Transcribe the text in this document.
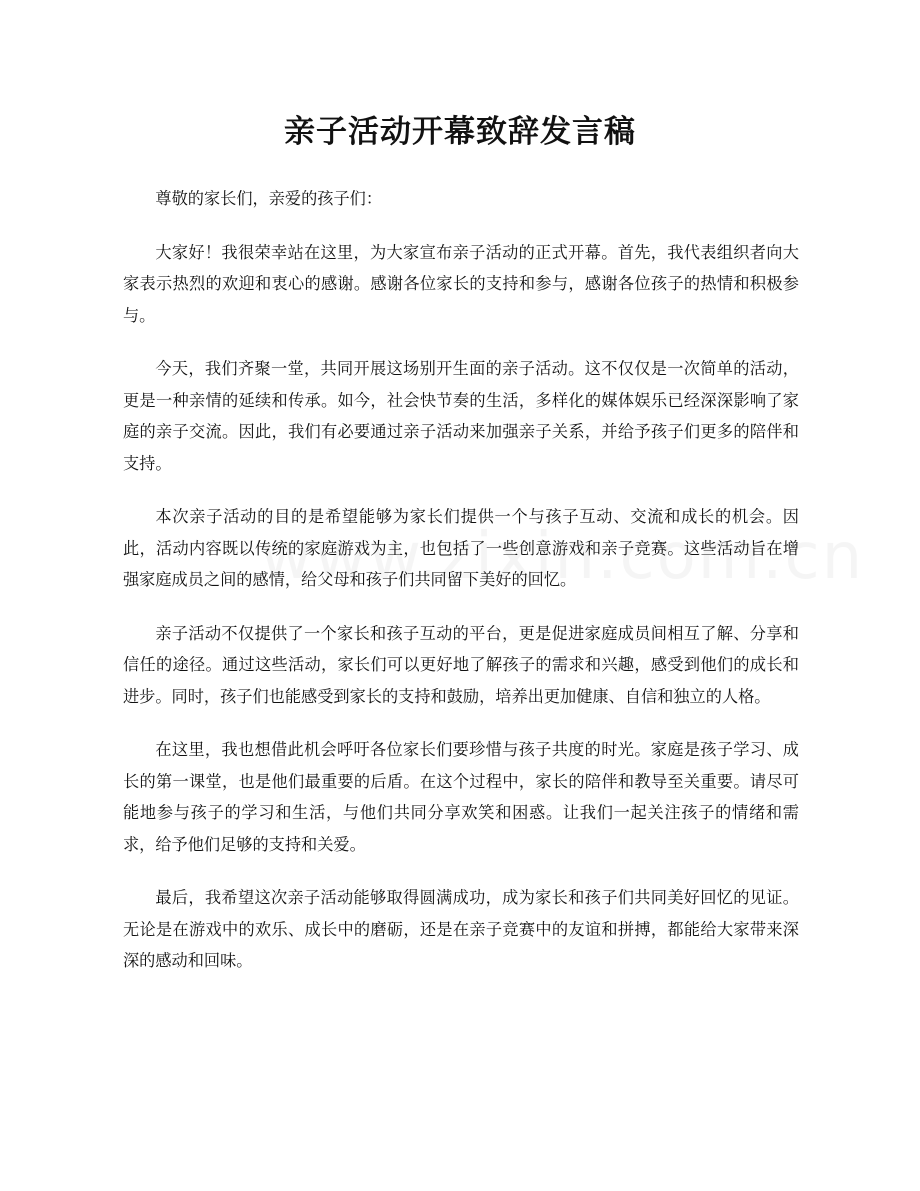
亲子活动开幕致辞发言稿

尊敬的家长们，亲爱的孩子们：

大家好！我很荣幸站在这里，为大家宣布亲子活动的正式开幕。首先，我代表组织者向大家表示热烈的欢迎和衷心的感谢。感谢各位家长的支持和参与，感谢各位孩子的热情和积极参与。

今天，我们齐聚一堂，共同开展这场别开生面的亲子活动。这不仅仅是一次简单的活动，更是一种亲情的延续和传承。如今，社会快节奏的生活，多样化的媒体娱乐已经深深影响了家庭的亲子交流。因此，我们有必要通过亲子活动来加强亲子关系，并给予孩子们更多的陪伴和支持。

本次亲子活动的目的是希望能够为家长们提供一个与孩子互动、交流和成长的机会。因此，活动内容既以传统的家庭游戏为主，也包括了一些创意游戏和亲子竞赛。这些活动旨在增强家庭成员之间的感情，给父母和孩子们共同留下美好的回忆。

亲子活动不仅提供了一个家长和孩子互动的平台，更是促进家庭成员间相互了解、分享和信任的途径。通过这些活动，家长们可以更好地了解孩子的需求和兴趣，感受到他们的成长和进步。同时，孩子们也能感受到家长的支持和鼓励，培养出更加健康、自信和独立的人格。

在这里，我也想借此机会呼吁各位家长们要珍惜与孩子共度的时光。家庭是孩子学习、成长的第一课堂，也是他们最重要的后盾。在这个过程中，家长的陪伴和教导至关重要。请尽可能地参与孩子的学习和生活，与他们共同分享欢笑和困惑。让我们一起关注孩子的情绪和需求，给予他们足够的支持和关爱。

最后，我希望这次亲子活动能够取得圆满成功，成为家长和孩子们共同美好回忆的见证。无论是在游戏中的欢乐、成长中的磨砺，还是在亲子竞赛中的友谊和拼搏，都能给大家带来深深的感动和回味。
